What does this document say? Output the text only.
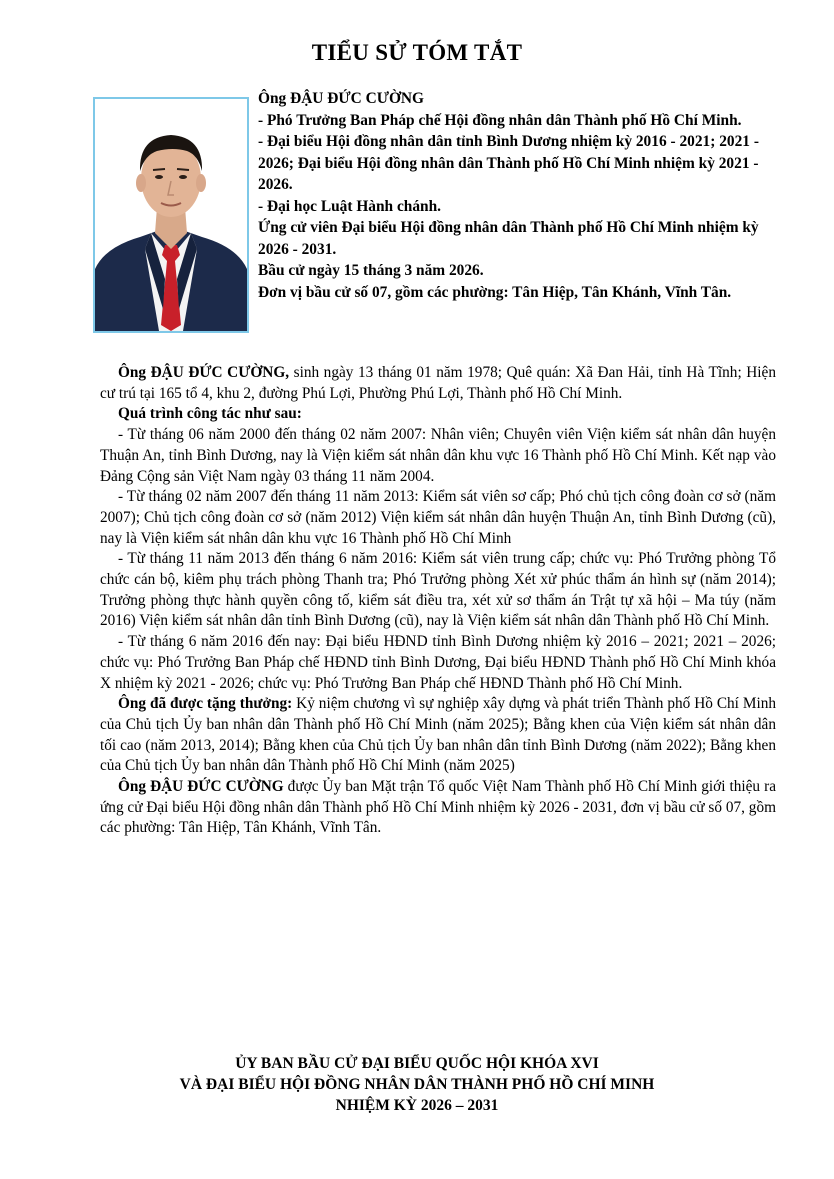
TIỂU SỬ TÓM TẮT

Ông ĐẬU ĐỨC CƯỜNG

- Phó Trưởng Ban Pháp chế Hội đồng nhân dân Thành phố Hồ Chí Minh.

- Đại biểu Hội đồng nhân dân tỉnh Bình Dương nhiệm kỳ 2016 - 2021; 2021 - 2026; Đại biểu Hội đồng nhân dân Thành phố Hồ Chí Minh nhiệm kỳ 2021 - 2026.

- Đại học Luật Hành chánh.

Ứng cử viên Đại biểu Hội đồng nhân dân Thành phố Hồ Chí Minh nhiệm kỳ 2026 - 2031.

Bầu cử ngày 15 tháng 3 năm 2026.

Đơn vị bầu cử số 07, gồm các phường: Tân Hiệp, Tân Khánh, Vĩnh Tân.

Ông ĐẬU ĐỨC CƯỜNG, sinh ngày 13 tháng 01 năm 1978; Quê quán: Xã Đan Hải, tỉnh Hà Tĩnh; Hiện cư trú tại 165 tổ 4, khu 2, đường Phú Lợi, Phường Phú Lợi, Thành phố Hồ Chí Minh.

Quá trình công tác như sau:

- Từ tháng 06 năm 2000 đến tháng 02 năm 2007: Nhân viên; Chuyên viên Viện kiểm sát nhân dân huyện Thuận An, tỉnh Bình Dương, nay là Viện kiểm sát nhân dân khu vực 16 Thành phố Hồ Chí Minh. Kết nạp vào Đảng Cộng sản Việt Nam ngày 03 tháng 11 năm 2004.

- Từ tháng 02 năm 2007 đến tháng 11 năm 2013: Kiểm sát viên sơ cấp; Phó chủ tịch công đoàn cơ sở (năm 2007); Chủ tịch công đoàn cơ sở (năm 2012) Viện kiểm sát nhân dân huyện Thuận An, tỉnh Bình Dương (cũ), nay là Viện kiểm sát nhân dân khu vực 16 Thành phố Hồ Chí Minh

- Từ tháng 11 năm 2013 đến tháng 6 năm 2016: Kiểm sát viên trung cấp; chức vụ: Phó Trưởng phòng Tổ chức cán bộ, kiêm phụ trách phòng Thanh tra; Phó Trưởng phòng Xét xử phúc thẩm án hình sự (năm 2014); Trưởng phòng thực hành quyền công tố, kiểm sát điều tra, xét xử sơ thẩm án Trật tự xã hội – Ma túy (năm 2016) Viện kiểm sát nhân dân tỉnh Bình Dương (cũ), nay là Viện kiểm sát nhân dân Thành phố Hồ Chí Minh.

- Từ tháng 6 năm 2016 đến nay: Đại biểu HĐND tỉnh Bình Dương nhiệm kỳ 2016 – 2021; 2021 – 2026; chức vụ: Phó Trưởng Ban Pháp chế HĐND tỉnh Bình Dương, Đại biểu HĐND Thành phố Hồ Chí Minh khóa X nhiệm kỳ 2021 - 2026; chức vụ: Phó Trưởng Ban Pháp chế HĐND Thành phố Hồ Chí Minh.

Ông đã được tặng thưởng: Kỷ niệm chương vì sự nghiệp xây dựng và phát triển Thành phố Hồ Chí Minh của Chủ tịch Ủy ban nhân dân Thành phố Hồ Chí Minh (năm 2025); Bằng khen của Viện kiểm sát nhân dân tối cao (năm 2013, 2014); Bằng khen của Chủ tịch Ủy ban nhân dân tỉnh Bình Dương (năm 2022); Bằng khen của Chủ tịch Ủy ban nhân dân Thành phố Hồ Chí Minh (năm 2025)

Ông ĐẬU ĐỨC CƯỜNG được Ủy ban Mặt trận Tổ quốc Việt Nam Thành phố Hồ Chí Minh giới thiệu ra ứng cử Đại biểu Hội đồng nhân dân Thành phố Hồ Chí Minh nhiệm kỳ 2026 - 2031, đơn vị bầu cử số 07, gồm các phường: Tân Hiệp, Tân Khánh, Vĩnh Tân.

ỦY BAN BẦU CỬ ĐẠI BIỂU QUỐC HỘI KHÓA XVI

VÀ ĐẠI BIỂU HỘI ĐỒNG NHÂN DÂN THÀNH PHỐ HỒ CHÍ MINH

NHIỆM KỲ 2026 – 2031
